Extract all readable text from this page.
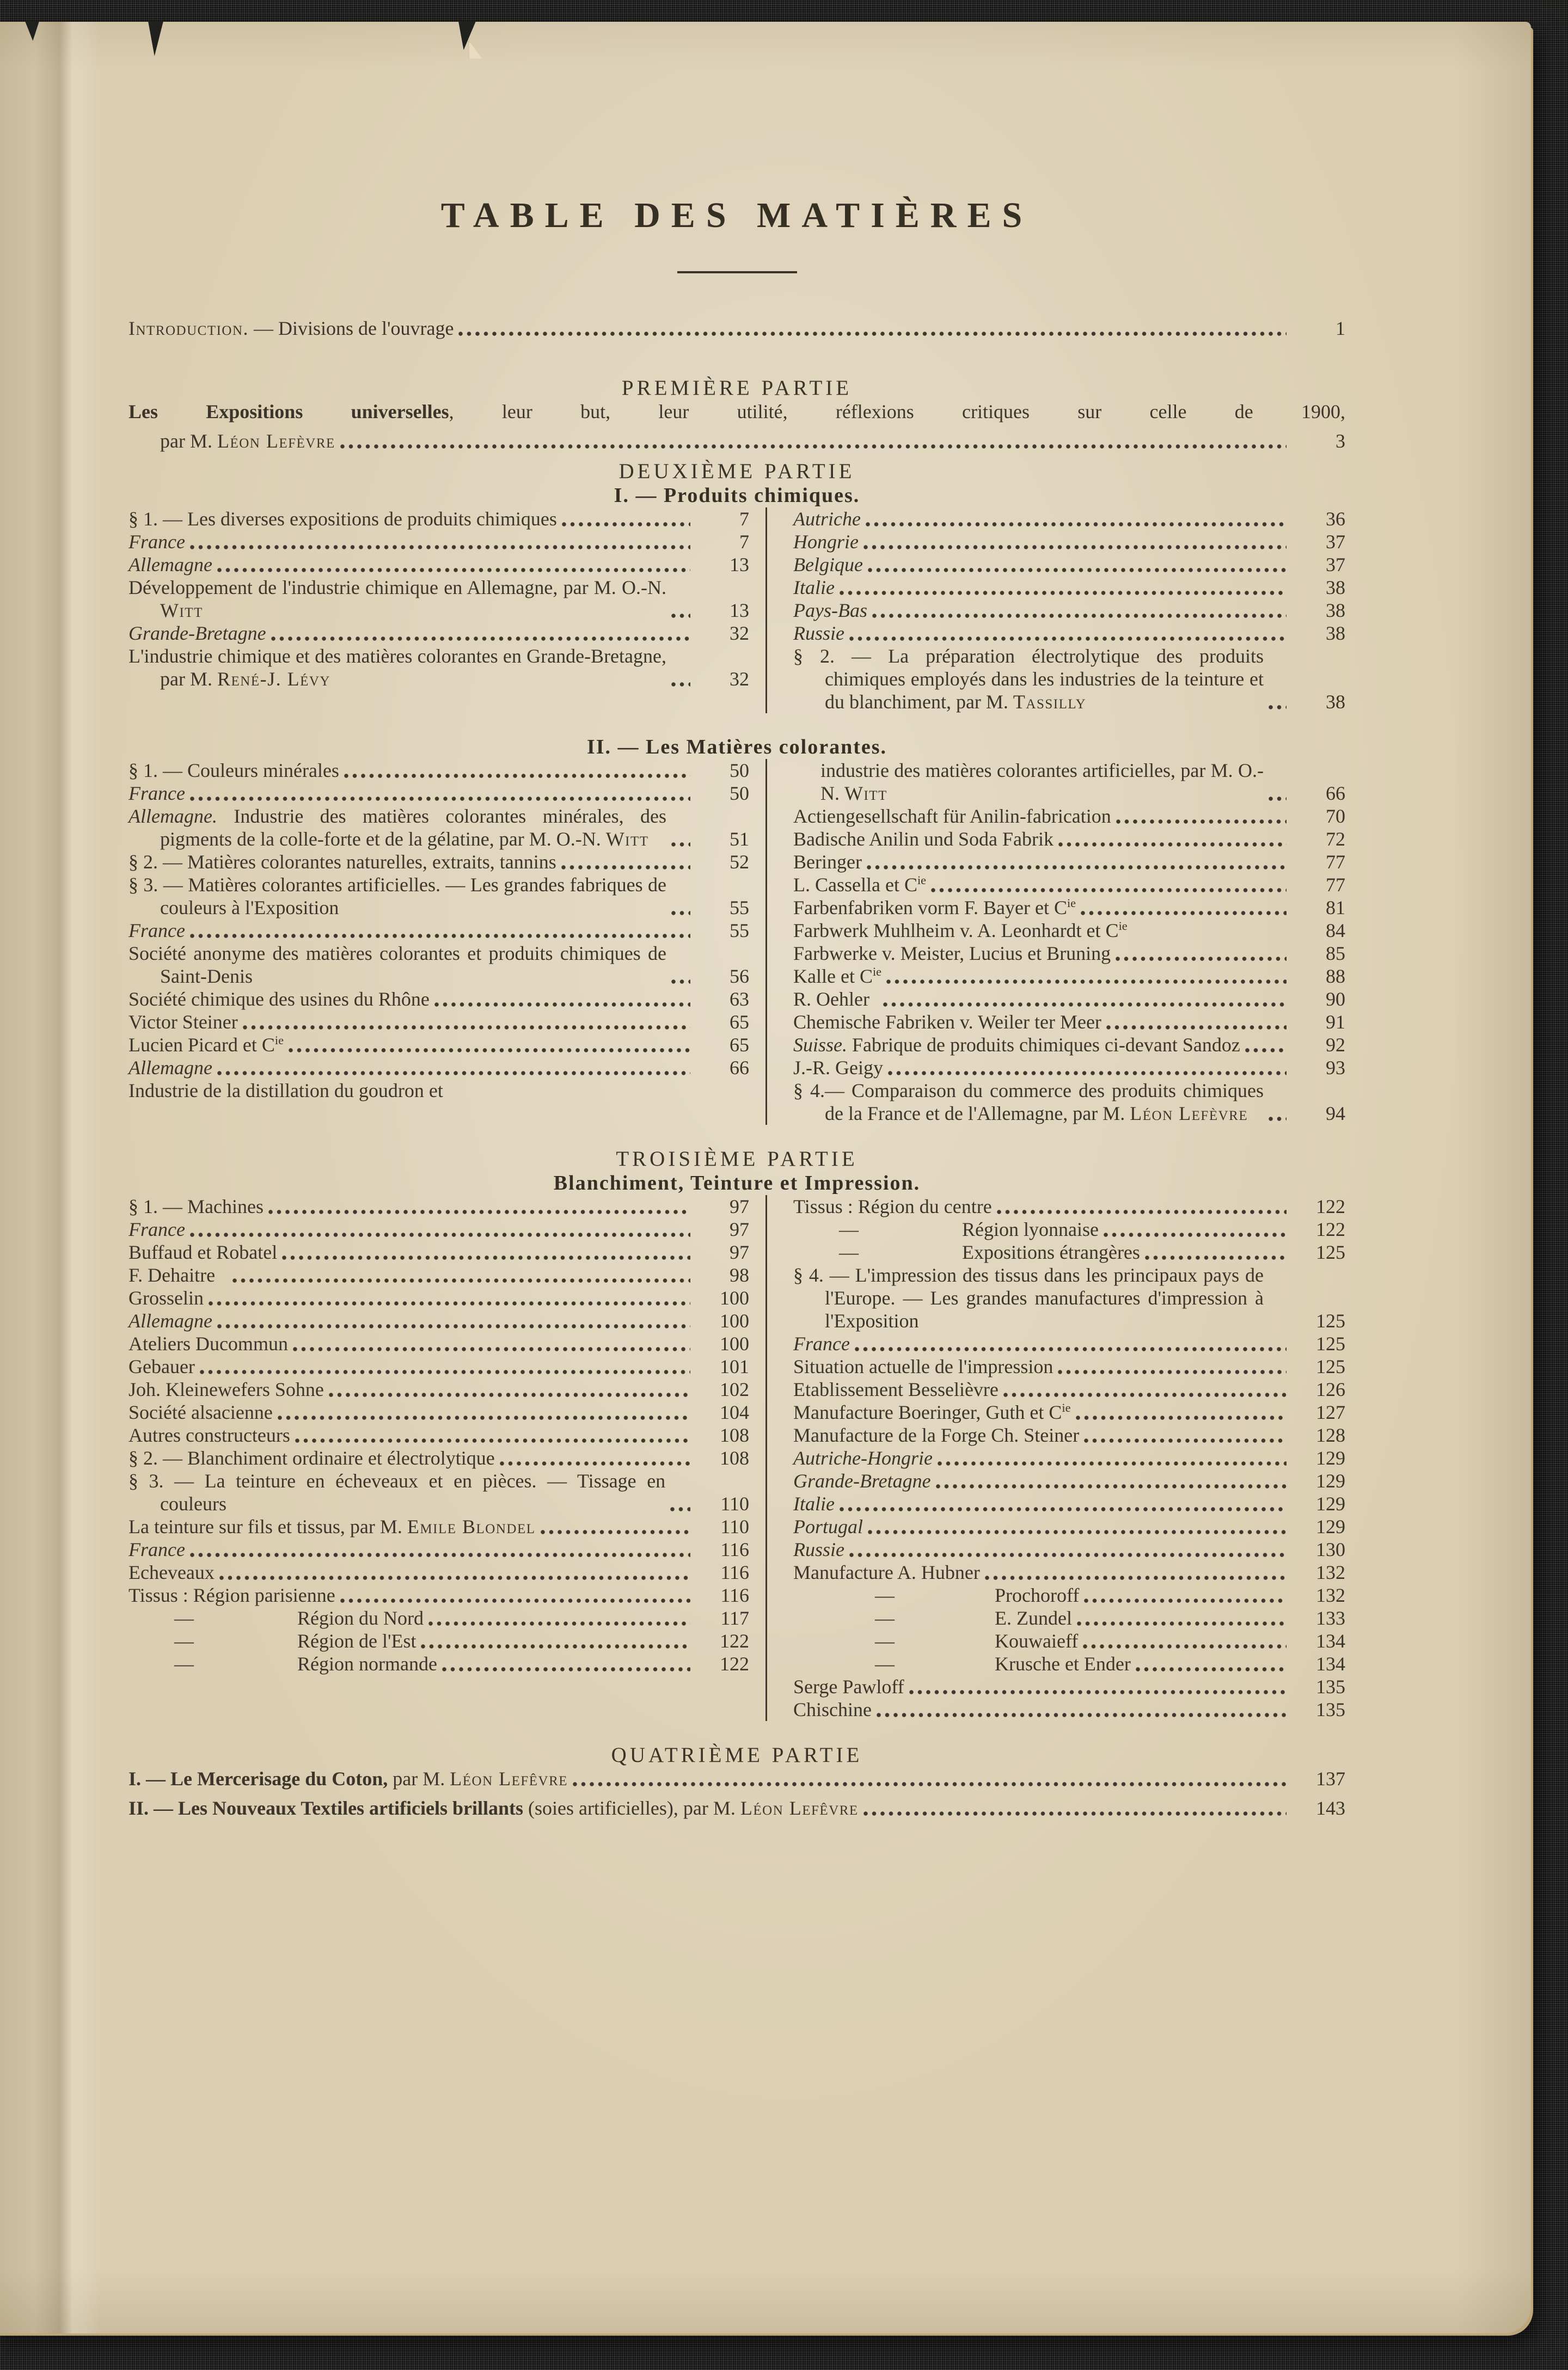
TABLE DES MATIÈRES
Introduction. — Divisions de l'ouvrage	1
PREMIÈRE PARTIE
Les Expositions universelles, leur but, leur utilité, réflexions critiques sur celle de 1900,
par M. Léon Lefèvre	3
DEUXIÈME PARTIE
I. — Produits chimiques.
§ 1. — Les diverses expositions de produits chimiques	7
France	7
Allemagne	13
Développement de l'industrie chimique en Allemagne, par M. O.-N. Witt	13
Grande-Bretagne	32
L'industrie chimique et des matières colorantes en Grande-Bretagne, par M. René-J. Lévy	32
Autriche	36
Hongrie	37
Belgique	37
Italie	38
Pays-Bas	38
Russie	38
§ 2. — La préparation électrolytique des produits chimiques employés dans les industries de la teinture et du blanchiment, par M. Tassilly	38
II. — Les Matières colorantes.
§ 1. — Couleurs minérales	50
France	50
Allemagne. Industrie des matières colorantes minérales, des pigments de la colle-forte et de la gélatine, par M. O.-N. Witt	51
§ 2. — Matières colorantes naturelles, extraits, tannins	52
§ 3. — Matières colorantes artificielles. — Les grandes fabriques de couleurs à l'Exposition	55
France	55
Société anonyme des matières colorantes et produits chimiques de Saint-Denis	56
Société chimique des usines du Rhône	63
Victor Steiner	65
Lucien Picard et $C^{ie}$	65
Allemagne	66
Industrie de la distillation du goudron et
industrie des matières colorantes artificielles, par M. O.-N. Witt	66
Actiengesellschaft für Anilin-fabrication	70
Badische Anilin und Soda Fabrik	72
Beringer	77
L. Cassella et $C^{ie}$	77
Farbenfabriken vorm F. Bayer et $C^{ie}$	81
Farbwerk Muhlheim v. A. Leonhardt et $C^{ie}$	84
Farbwerke v. Meister, Lucius et Bruning	85
Kalle et $C^{ie}$	88
R. Oehler	90
Chemische Fabriken v. Weiler ter Meer	91
Suisse. Fabrique de produits chimiques ci-devant Sandoz	92
J.-R. Geigy	93
§ 4.— Comparaison du commerce des produits chimiques de la France et de l'Allemagne, par M. Léon Lefèvre	94
TROISIÈME PARTIE
Blanchiment, Teinture et Impression.
§ 1. — Machines	97
France	97
Buffaud et Robatel	97
F. Dehaitre	98
Grosselin	100
Allemagne	100
Ateliers Ducommun	100
Gebauer	101
Joh. Kleinewefers Sohne	102
Société alsacienne	104
Autres constructeurs	108
§ 2. — Blanchiment ordinaire et électrolytique	108
§ 3. — La teinture en écheveaux et en pièces. — Tissage en couleurs	110
La teinture sur fils et tissus, par M. Emile Blondel	110
France	116
Echeveaux	116
Tissus : Région parisienne	116
—	Région du Nord	117
—	Région de l'Est	122
—	Région normande	122
Tissus : Région du centre	122
—	Région lyonnaise	122
—	Expositions étrangères	125
§ 4. — L'impression des tissus dans les principaux pays de l'Europe. — Les grandes manufactures d'impression à l'Exposition	125
France	125
Situation actuelle de l'impression	125
Etablissement Besselièvre	126
Manufacture Boeringer, Guth et $C^{ie}$	127
Manufacture de la Forge Ch. Steiner	128
Autriche-Hongrie	129
Grande-Bretagne	129
Italie	129
Portugal	129
Russie	130
Manufacture A. Hubner	132
—	Prochoroff	132
—	E. Zundel	133
—	Kouwaieff	134
—	Krusche et Ender	134
Serge Pawloff	135
Chischine	135
QUATRIÈME PARTIE
I. — Le Mercerisage du Coton, par M. Léon Lefêvre	137
II. — Les Nouveaux Textiles artificiels brillants (soies artificielles), par M. Léon Lefêvre	143
